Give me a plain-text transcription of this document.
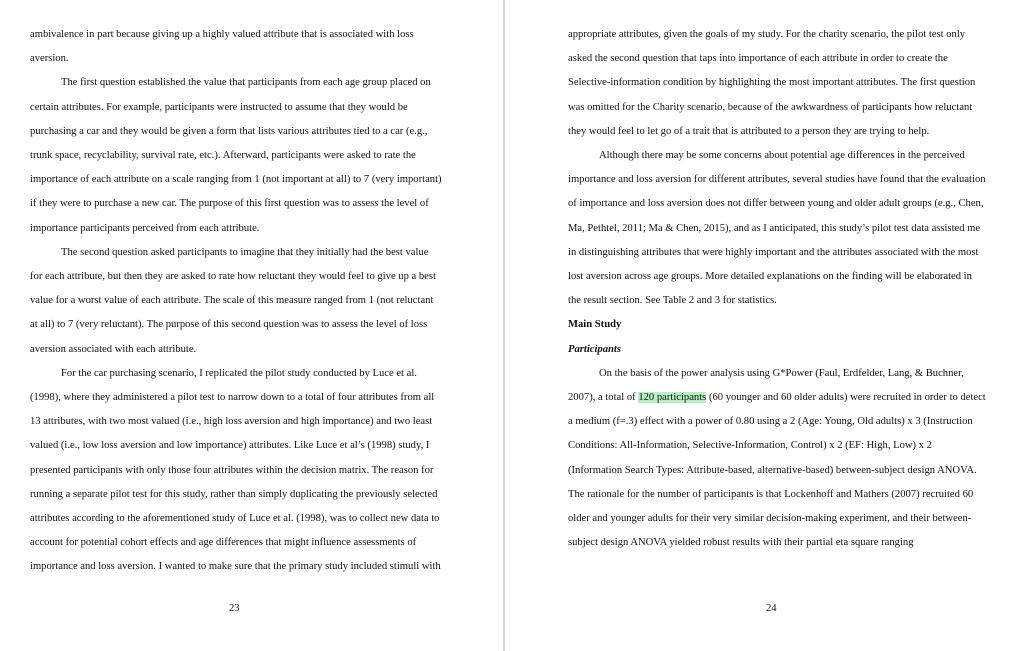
ambivalence in part because giving up a highly valued attribute that is associated with loss aversion.

The first question established the value that participants from each age group placed on certain attributes. For example, participants were instructed to assume that they would be purchasing a car and they would be given a form that lists various attributes tied to a car (e.g., trunk space, recyclability, survival rate, etc.). Afterward, participants were asked to rate the importance of each attribute on a scale ranging from 1 (not important at all) to 7 (very important) if they were to purchase a new car. The purpose of this first question was to assess the level of importance participants perceived from each attribute.

The second question asked participants to imagine that they initially had the best value for each attribute, but then they are asked to rate how reluctant they would feel to give up a best value for a worst value of each attribute. The scale of this measure ranged from 1 (not reluctant at all) to 7 (very reluctant). The purpose of this second question was to assess the level of loss aversion associated with each attribute.

For the car purchasing scenario, I replicated the pilot study conducted by Luce et al. (1998), where they administered a pilot test to narrow down to a total of four attributes from all 13 attributes, with two most valued (i.e., high loss aversion and high importance) and two least valued (i.e., low loss aversion and low importance) attributes. Like Luce et al’s (1998) study, I presented participants with only those four attributes within the decision matrix. The reason for running a separate pilot test for this study, rather than simply duplicating the previously selected attributes according to the aforementioned study of Luce et al. (1998), was to collect new data to account for potential cohort effects and age differences that might influence assessments of importance and loss aversion. I wanted to make sure that the primary study included stimuli with

23

appropriate attributes, given the goals of my study. For the charity scenario, the pilot test only asked the second question that taps into importance of each attribute in order to create the Selective-information condition by highlighting the most important attributes. The first question was omitted for the Charity scenario, because of the awkwardness of participants how reluctant they would feel to let go of a trait that is attributed to a person they are trying to help.

Although there may be some concerns about potential age differences in the perceived importance and loss aversion for different attributes, several studies have found that the evaluation of importance and loss aversion does not differ between young and older adult groups (e.g., Chen, Ma, Pethtel, 2011; Ma & Chen, 2015), and as I anticipated, this study’s pilot test data assisted me in distinguishing attributes that were highly important and the attributes associated with the most lost aversion across age groups. More detailed explanations on the finding will be elaborated in the result section. See Table 2 and 3 for statistics.

Main Study

Participants

On the basis of the power analysis using G*Power (Faul, Erdfelder, Lang, & Buchner, 2007), a total of 120 participants (60 younger and 60 older adults) were recruited in order to detect a medium (f=.3) effect with a power of 0.80 using a 2 (Age: Young, Old adults) x 3 (Instruction Conditions: All-Information, Selective-Information, Control) x 2 (EF: High, Low) x 2 (Information Search Types: Attribute-based, alternative-based) between-subject design ANOVA. The rationale for the number of participants is that Lockenhoff and Mathers (2007) recruited 60 older and younger adults for their very similar decision-making experiment, and their between-subject design ANOVA yielded robust results with their partial eta square ranging

24
